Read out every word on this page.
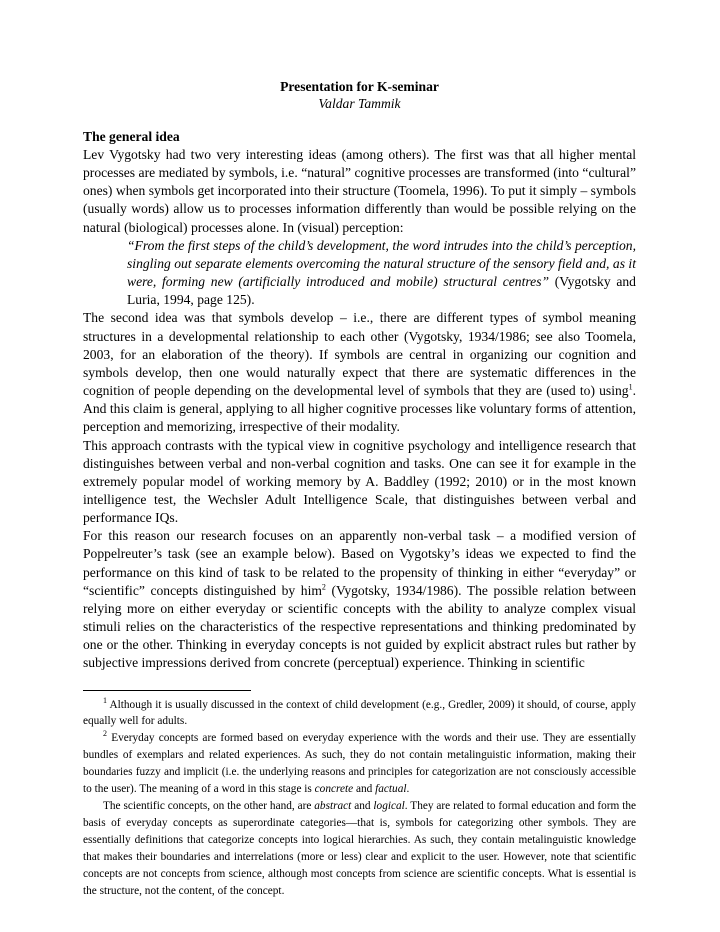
Presentation for K-seminar

Valdar Tammik

The general idea

Lev Vygotsky had two very interesting ideas (among others). The first was that all higher mental processes are mediated by symbols, i.e. “natural” cognitive processes are transformed (into “cultural” ones) when symbols get incorporated into their structure (Toomela, 1996). To put it simply – symbols (usually words) allow us to processes information differently than would be possible relying on the natural (biological) processes alone. In (visual) perception:

“From the first steps of the child’s development, the word intrudes into the child’s perception, singling out separate elements overcoming the natural structure of the sensory field and, as it were, forming new (artificially introduced and mobile) structural centres” (Vygotsky and Luria, 1994, page 125).

The second idea was that symbols develop – i.e., there are different types of symbol meaning structures in a developmental relationship to each other (Vygotsky, 1934/1986; see also Toomela, 2003, for an elaboration of the theory). If symbols are central in organizing our cognition and symbols develop, then one would naturally expect that there are systematic differences in the cognition of people depending on the developmental level of symbols that they are (used to) using$^1$. And this claim is general, applying to all higher cognitive processes like voluntary forms of attention, perception and memorizing, irrespective of their modality.

This approach contrasts with the typical view in cognitive psychology and intelligence research that distinguishes between verbal and non-verbal cognition and tasks. One can see it for example in the extremely popular model of working memory by A. Baddley (1992; 2010) or in the most known intelligence test, the Wechsler Adult Intelligence Scale, that distinguishes between verbal and performance IQs.

For this reason our research focuses on an apparently non-verbal task – a modified version of Poppelreuter’s task (see an example below). Based on Vygotsky’s ideas we expected to find the performance on this kind of task to be related to the propensity of thinking in either “everyday” or “scientific” concepts distinguished by him$^2$ (Vygotsky, 1934/1986). The possible relation between relying more on either everyday or scientific concepts with the ability to analyze complex visual stimuli relies on the characteristics of the respective representations and thinking predominated by one or the other. Thinking in everyday concepts is not guided by explicit abstract rules but rather by subjective impressions derived from concrete (perceptual) experience. Thinking in scientific

$^1$ Although it is usually discussed in the context of child development (e.g., Gredler, 2009) it should, of course, apply equally well for adults.

$^2$ Everyday concepts are formed based on everyday experience with the words and their use. They are essentially bundles of exemplars and related experiences. As such, they do not contain metalinguistic information, making their boundaries fuzzy and implicit (i.e. the underlying reasons and principles for categorization are not consciously accessible to the user). The meaning of a word in this stage is concrete and factual.

The scientific concepts, on the other hand, are abstract and logical. They are related to formal education and form the basis of everyday concepts as superordinate categories—that is, symbols for categorizing other symbols. They are essentially definitions that categorize concepts into logical hierarchies. As such, they contain metalinguistic knowledge that makes their boundaries and interrelations (more or less) clear and explicit to the user. However, note that scientific concepts are not concepts from science, although most concepts from science are scientific concepts. What is essential is the structure, not the content, of the concept.
